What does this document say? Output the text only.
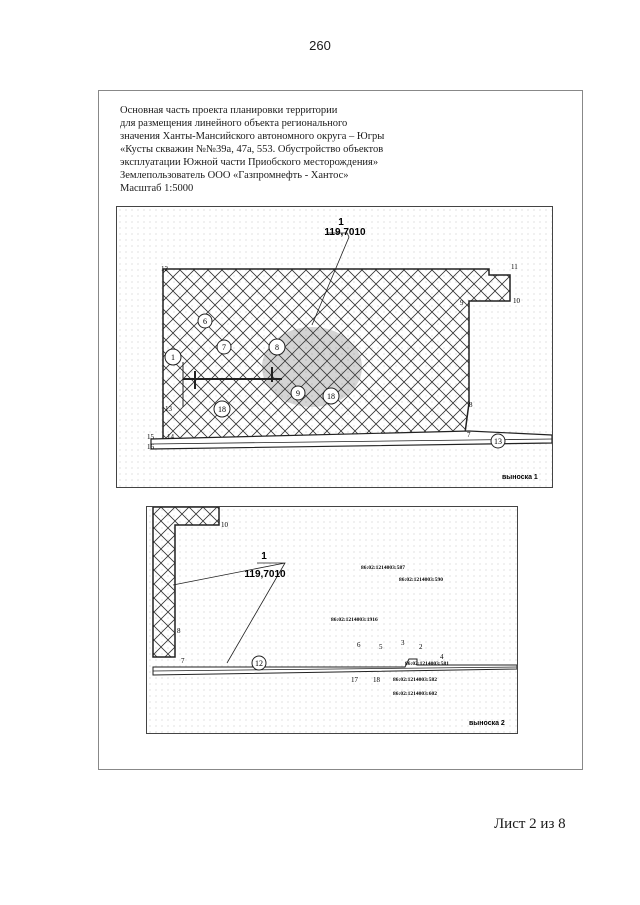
260
Основная часть проекта планировки территории
для размещения линейного объекта регионального
значения Ханты-Мансийского автономного округа – Югры
«Кусты скважин №№39а, 47а, 553. Обустройство объектов
эксплуатации Южной части Приобского месторождения»
Землепользователь ООО «Газпромнефть - Хантос»
Масштаб 1:5000
1
119,7010
12	11
10
9
8
7
13
14
15
16
1
6
7	8
9
18
18
13
выноска 1
1
119,7010
10
8
7
6	5	3 2
4
17 18
12
86:02:1214003:587
86:02:1214003:590
86:02:1214003:1916
86:02:1214003:581
86:02:1214003:582
86:02:1214003:602
выноска 2
Лист 2 из 8
